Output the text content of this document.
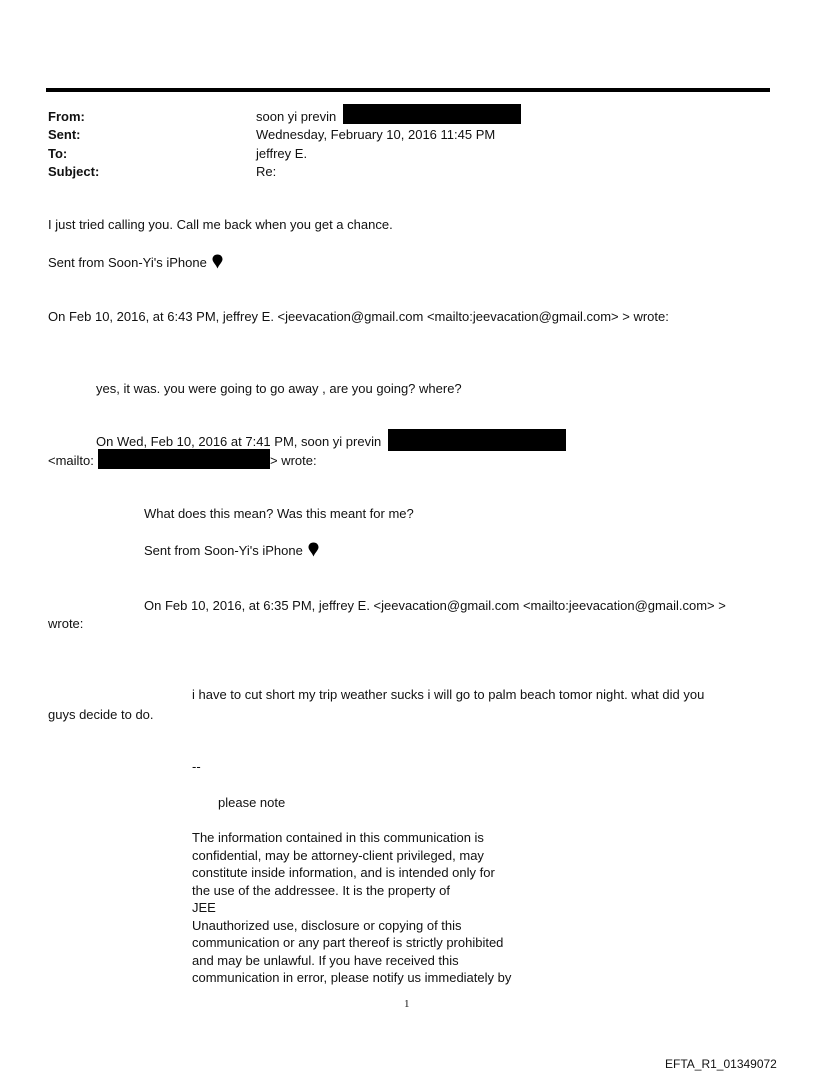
From:	soon yi previn
Sent:	Wednesday, February 10, 2016 11:45 PM
To:	jeffrey E.
Subject:	Re:
I just tried calling you. Call me back when you get a chance.
Sent from Soon-Yi's iPhone
On Feb 10, 2016, at 6:43 PM, jeffrey E. <jeevacation@gmail.com <mailto:jeevacation@gmail.com> > wrote:
yes, it was. you were going to go away , are you going? where?
On Wed, Feb 10, 2016 at 7:41 PM, soon yi previn
<mailto:	> wrote:
What does this mean? Was this meant for me?
Sent from Soon-Yi's iPhone
On Feb 10, 2016, at 6:35 PM, jeffrey E. <jeevacation@gmail.com <mailto:jeevacation@gmail.com> >
wrote:
i have to cut short my trip weather sucks i will go to palm beach tomor night. what did you
guys decide to do.
--
please note
The information contained in this communication is
confidential, may be attorney-client privileged, may
constitute inside information, and is intended only for
the use of the addressee. It is the property of
JEE
Unauthorized use, disclosure or copying of this
communication or any part thereof is strictly prohibited
and may be unlawful. If you have received this
communication in error, please notify us immediately by
1
EFTA_R1_01349072
